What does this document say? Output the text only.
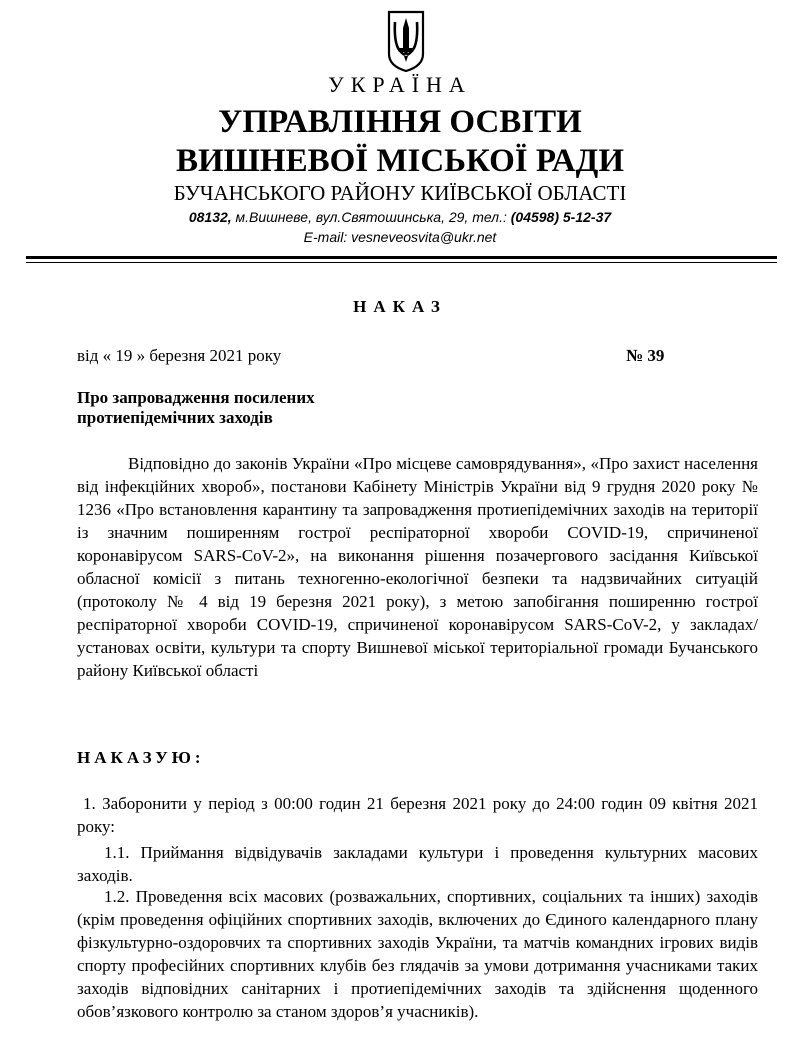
УКРАЇНА
УПРАВЛІННЯ ОСВІТИ
ВИШНЕВОЇ МІСЬКОЇ РАДИ
БУЧАНСЬКОГО РАЙОНУ КИЇВСЬКОЇ ОБЛАСТІ
08132, м.Вишневе, вул.Святошинська, 29, тел.: (04598) 5-12-37
E-mail: vesneveosvita@ukr.net
НАКАЗ
від « 19 » березня 2021 року	№ 39
Про запровадження посилених
протиепідемічних заходів

Відповідно до законів України «Про місцеве самоврядування», «Про захист населення від інфекційних хвороб», постанови Кабінету Міністрів України від 9 грудня 2020 року № 1236 «Про встановлення карантину та запровадження протиепідемічних заходів на території із значним поширенням гострої респіраторної хвороби COVID-19, спричиненої коронавірусом SARS-CoV-2», на виконання рішення позачергового засідання Київської обласної комісії з питань техногенно-екологічної безпеки та надзвичайних ситуацій (протоколу № 4 від 19 березня 2021 року), з метою запобігання поширенню гострої респіраторної хвороби COVID-19, спричиненої коронавірусом SARS-CoV-2, у закладах/установах освіти, культури та спорту Вишневої міської територіальної громади Бучанського району Київської області

НАКАЗУЮ:

1. Заборонити у період з 00:00 годин 21 березня 2021 року до 24:00 годин 09 квітня 2021 року:

1.1. Приймання відвідувачів закладами культури і проведення культурних масових заходів.

1.2. Проведення всіх масових (розважальних, спортивних, соціальних та інших) заходів (крім проведення офіційних спортивних заходів, включених до Єдиного календарного плану фізкультурно-оздоровчих та спортивних заходів України, та матчів командних ігрових видів спорту професійних спортивних клубів без глядачів за умови дотримання учасниками таких заходів відповідних санітарних і протиепідемічних заходів та здійснення щоденного обов’язкового контролю за станом здоров’я учасників).
